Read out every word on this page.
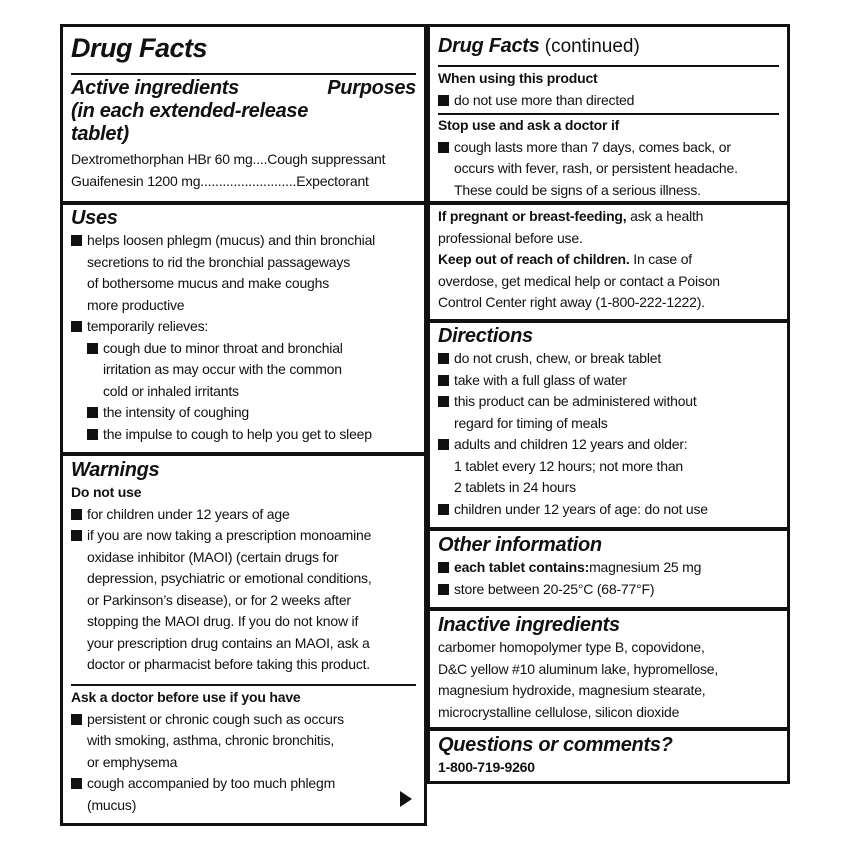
Drug Facts
Active ingredients	Purposes
(in each extended-release
tablet)
Dextromethorphan HBr 60 mg....Cough suppressant
Guaifenesin 1200 mg..........................Expectorant
Uses
helps loosen phlegm (mucus) and thin bronchial
secretions to rid the bronchial passageways
of bothersome mucus and make coughs
more productive
temporarily relieves:
cough due to minor throat and bronchial
irritation as may occur with the common
cold or inhaled irritants
the intensity of coughing
the impulse to cough to help you get to sleep
Warnings
Do not use
for children under 12 years of age
if you are now taking a prescription monoamine
oxidase inhibitor (MAOI) (certain drugs for
depression, psychiatric or emotional conditions,
or Parkinson’s disease), or for 2 weeks after
stopping the MAOI drug. If you do not know if
your prescription drug contains an MAOI, ask a
doctor or pharmacist before taking this product.
Ask a doctor before use if you have
persistent or chronic cough such as occurs
with smoking, asthma, chronic bronchitis,
or emphysema
cough accompanied by too much phlegm
(mucus)
Drug Facts (continued)
When using this product
do not use more than directed
Stop use and ask a doctor if
cough lasts more than 7 days, comes back, or
occurs with fever, rash, or persistent headache.
These could be signs of a serious illness.
If pregnant or breast-feeding, ask a health
professional before use.
Keep out of reach of children. In case of
overdose, get medical help or contact a Poison
Control Center right away (1-800-222-1222).
Directions
do not crush, chew, or break tablet
take with a full glass of water
this product can be administered without
regard for timing of meals
adults and children 12 years and older:
1 tablet every 12 hours; not more than
2 tablets in 24 hours
children under 12 years of age: do not use
Other information
each tablet contains: magnesium 25 mg
store between 20-25°C (68-77°F)
Inactive ingredients
carbomer homopolymer type B, copovidone,
D&C yellow #10 aluminum lake, hypromellose,
magnesium hydroxide, magnesium stearate,
microcrystalline cellulose, silicon dioxide
Questions or comments?
1-800-719-9260
